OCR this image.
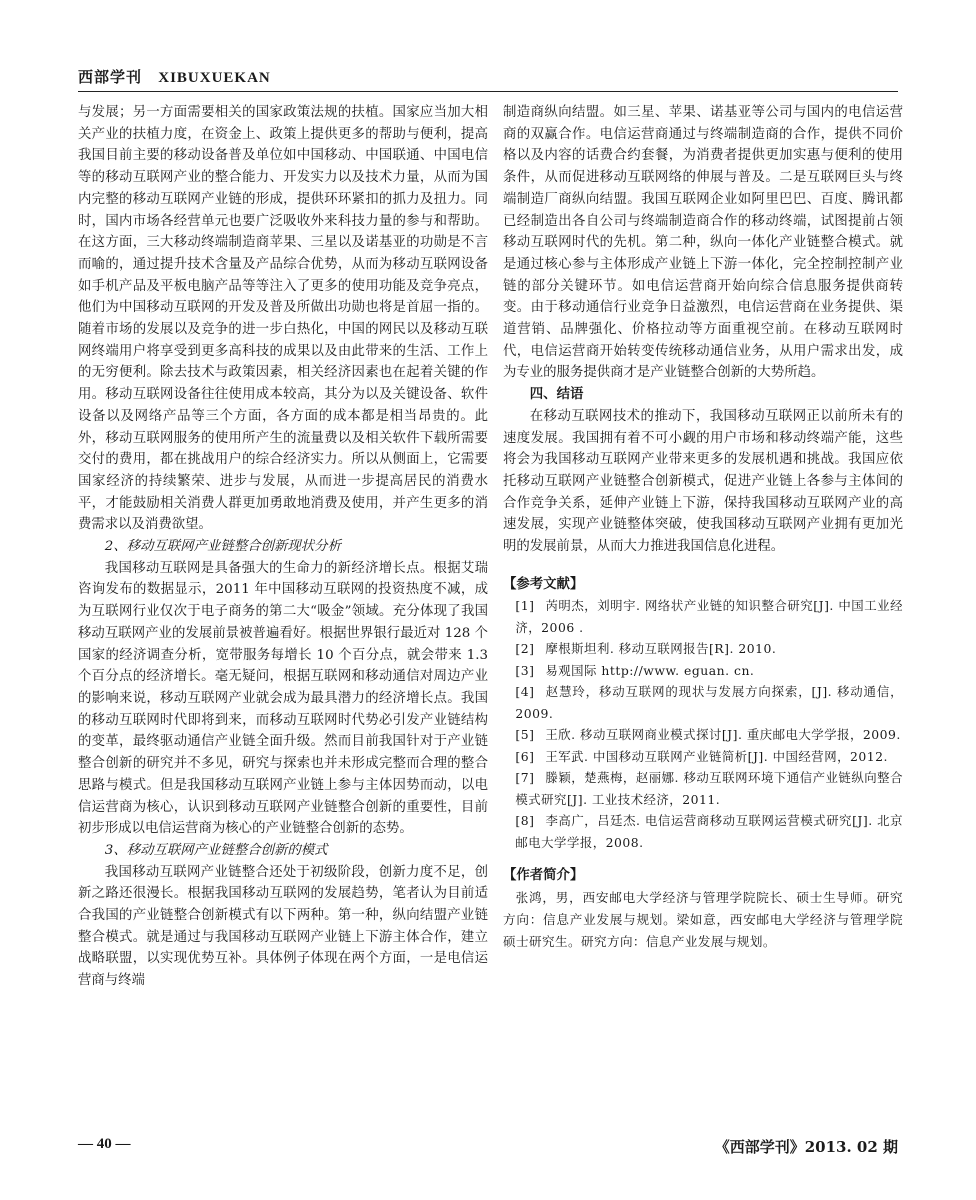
西部学刊 XIBUXUEKAN

与发展；另一方面需要相关的国家政策法规的扶植。国家应当加大相关产业的扶植力度，在资金上、政策上提供更多的帮助与便利，提高我国目前主要的移动设备普及单位如中国移动、中国联通、中国电信等的移动互联网产业的整合能力、开发实力以及技术力量，从而为国内完整的移动互联网产业链的形成，提供环环紧扣的抓力及扭力。同时，国内市场各经营单元也要广泛吸收外来科技力量的参与和帮助。在这方面，三大移动终端制造商苹果、三星以及诺基亚的功勋是不言而喻的，通过提升技术含量及产品综合优势，从而为移动互联网设备如手机产品及平板电脑产品等等注入了更多的使用功能及竞争亮点，他们为中国移动互联网的开发及普及所做出功勋也将是首屈一指的。随着市场的发展以及竞争的进一步白热化，中国的网民以及移动互联网终端用户将享受到更多高科技的成果以及由此带来的生活、工作上的无穷便利。除去技术与政策因素，相关经济因素也在起着关键的作用。移动互联网设备往往使用成本较高，其分为以及关键设备、软件设备以及网络产品等三个方面，各方面的成本都是相当昂贵的。此外，移动互联网服务的使用所产生的流量费以及相关软件下载所需要交付的费用，都在挑战用户的综合经济实力。所以从侧面上，它需要国家经济的持续繁荣、进步与发展，从而进一步提高居民的消费水平，才能鼓励相关消费人群更加勇敢地消费及使用，并产生更多的消费需求以及消费欲望。

2、移动互联网产业链整合创新现状分析

我国移动互联网是具备强大的生命力的新经济增长点。根据艾瑞咨询发布的数据显示，2011 年中国移动互联网的投资热度不减，成为互联网行业仅次于电子商务的第二大“吸金”领域。充分体现了我国移动互联网产业的发展前景被普遍看好。根据世界银行最近对 128 个国家的经济调查分析，宽带服务每增长 10 个百分点，就会带来 1.3 个百分点的经济增长。毫无疑问，根据互联网和移动通信对周边产业的影响来说，移动互联网产业就会成为最具潜力的经济增长点。我国的移动互联网时代即将到来，而移动互联网时代势必引发产业链结构的变革，最终驱动通信产业链全面升级。然而目前我国针对于产业链整合创新的研究并不多见，研究与探索也并未形成完整而合理的整合思路与模式。但是我国移动互联网产业链上参与主体因势而动，以电信运营商为核心，认识到移动互联网产业链整合创新的重要性，目前初步形成以电信运营商为核心的产业链整合创新的态势。

3、移动互联网产业链整合创新的模式

我国移动互联网产业链整合还处于初级阶段，创新力度不足，创新之路还很漫长。根据我国移动互联网的发展趋势，笔者认为目前适合我国的产业链整合创新模式有以下两种。第一种，纵向结盟产业链整合模式。就是通过与我国移动互联网产业链上下游主体合作，建立战略联盟，以实现优势互补。具体例子体现在两个方面，一是电信运营商与终端

制造商纵向结盟。如三星、苹果、诺基亚等公司与国内的电信运营商的双赢合作。电信运营商通过与终端制造商的合作，提供不同价格以及内容的话费合约套餐，为消费者提供更加实惠与便利的使用条件，从而促进移动互联网络的伸展与普及。二是互联网巨头与终端制造厂商纵向结盟。我国互联网企业如阿里巴巴、百度、腾讯都已经制造出各自公司与终端制造商合作的移动终端，试图提前占领移动互联网时代的先机。第二种，纵向一体化产业链整合模式。就是通过核心参与主体形成产业链上下游一体化，完全控制控制产业链的部分关键环节。如电信运营商开始向综合信息服务提供商转变。由于移动通信行业竞争日益激烈，电信运营商在业务提供、渠道营销、品牌强化、价格拉动等方面重视空前。在移动互联网时代，电信运营商开始转变传统移动通信业务，从用户需求出发，成为专业的服务提供商才是产业链整合创新的大势所趋。

四、结语

在移动互联网技术的推动下，我国移动互联网正以前所未有的速度发展。我国拥有着不可小觑的用户市场和移动终端产能，这些将会为我国移动互联网产业带来更多的发展机遇和挑战。我国应依托移动互联网产业链整合创新模式，促进产业链上各参与主体间的合作竞争关系，延伸产业链上下游，保持我国移动互联网产业的高速发展，实现产业链整体突破，使我国移动互联网产业拥有更加光明的发展前景，从而大力推进我国信息化进程。

【参考文献】

[1] 芮明杰，刘明宇. 网络状产业链的知识整合研究[J]. 中国工业经济，2006 .

[2] 摩根斯坦利. 移动互联网报告[R]. 2010.

[3] 易观国际 http://www. eguan. cn.

[4] 赵慧玲，移动互联网的现状与发展方向探索，[J]. 移动通信，2009.

[5] 王欣. 移动互联网商业模式探讨[J]. 重庆邮电大学学报，2009.

[6] 王军武. 中国移动互联网产业链简析[J]. 中国经营网，2012.

[7] 滕颖，楚燕梅，赵丽娜. 移动互联网环境下通信产业链纵向整合模式研究[J]. 工业技术经济，2011.

[8] 李高广，吕廷杰. 电信运营商移动互联网运营模式研究[J]. 北京邮电大学学报，2008.

【作者简介】

张鸿，男，西安邮电大学经济与管理学院院长、硕士生导师。研究方向：信息产业发展与规划。梁如意，西安邮电大学经济与管理学院硕士研究生。研究方向：信息产业发展与规划。

— 40 —	《西部学刊》2013. 02 期
